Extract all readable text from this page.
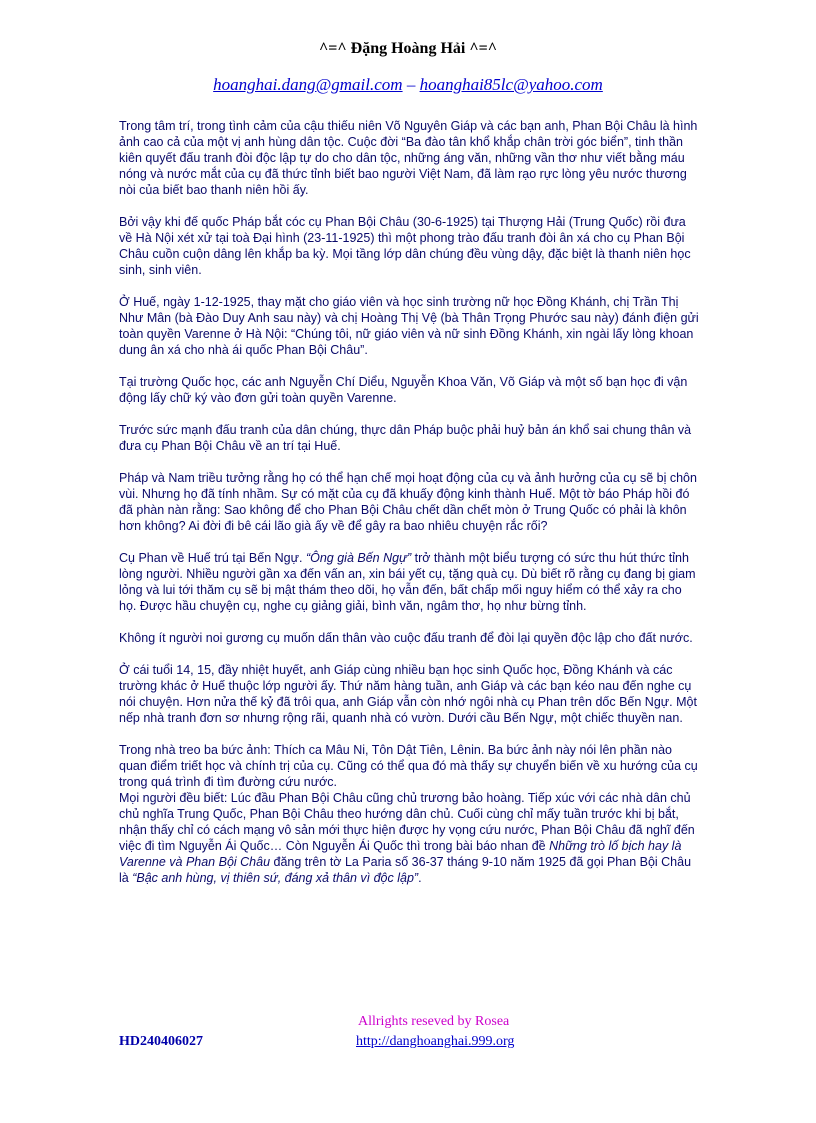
^=^ Đặng Hoàng Hải ^=^
hoanghai.dang@gmail.com – hoanghai85lc@yahoo.com

Trong tâm trí, trong tình cảm của cậu thiếu niên Võ Nguyên Giáp và các bạn anh, Phan Bội Châu là hình ảnh cao cả của một vị anh hùng dân tộc. Cuộc đời “Ba đào tân khổ khắp chân trời góc biển”, tinh thần kiên quyết đấu tranh đòi độc lập tự do cho dân tộc, những áng văn, những vần thơ như viết bằng máu nóng và nước mắt của cụ đã thức tỉnh biết bao người Việt Nam, đã làm rạo rực lòng yêu nước thương nòi của biết bao thanh niên hồi ấy.

Bởi vậy khi đế quốc Pháp bắt cóc cụ Phan Bội Châu (30-6-1925) tại Thượng Hải (Trung Quốc) rồi đưa về Hà Nội xét xử tại toà Đại hình (23-11-1925) thì một phong trào đấu tranh đòi ân xá cho cụ Phan Bội Châu cuồn cuộn dâng lên khắp ba kỳ. Mọi tầng lớp dân chúng đều vùng dậy, đặc biệt là thanh niên học sinh, sinh viên.

Ở Huế, ngày 1-12-1925, thay mặt cho giáo viên và học sinh trường nữ học Đồng Khánh, chị Trần Thị Như Mân (bà Đào Duy Anh sau này) và chị Hoàng Thị Vệ (bà Thân Trọng Phước sau này) đánh điện gửi toàn quyền Varenne ở Hà Nội: “Chúng tôi, nữ giáo viên và nữ sinh Đồng Khánh, xin ngài lấy lòng khoan dung ân xá cho nhà ái quốc Phan Bội Châu”.

Tại trường Quốc học, các anh Nguyễn Chí Diểu, Nguyễn Khoa Văn, Võ Giáp và một số bạn học đi vận động lấy chữ ký vào đơn gửi toàn quyền Varenne.

Trước sức mạnh đấu tranh của dân chúng, thực dân Pháp buộc phải huỷ bản án khổ sai chung thân và đưa cụ Phan Bội Châu về an trí tại Huế.

Pháp và Nam triều tưởng rằng họ có thể hạn chế mọi hoạt động của cụ và ảnh hưởng của cụ sẽ bị chôn vùi. Nhưng họ đã tính nhầm. Sự có mặt của cụ đã khuấy động kinh thành Huế. Một tờ báo Pháp hồi đó đã phàn nàn rằng: Sao không để cho Phan Bội Châu chết dần chết mòn ở Trung Quốc có phải là khôn hơn không? Ai đời đi bê cái lão già ấy về để gây ra bao nhiêu chuyện rắc rối?

Cụ Phan về Huế trú tại Bến Ngự. “Ông già Bến Ngự” trở thành một biểu tượng có sức thu hút thức tỉnh lòng người. Nhiều người gần xa đến vấn an, xin bái yết cụ, tặng quà cụ. Dù biết rõ rằng cụ đang bị giam lỏng và lui tới thăm cụ sẽ bị mật thám theo dõi, họ vẫn đến, bất chấp mối nguy hiểm có thể xảy ra cho họ. Được hầu chuyện cụ, nghe cụ giảng giải, bình văn, ngâm thơ, họ như bừng tỉnh.

Không ít người noi gương cụ muốn dấn thân vào cuộc đấu tranh để đòi lại quyền độc lập cho đất nước.

Ở cái tuổi 14, 15, đầy nhiệt huyết, anh Giáp cùng nhiều bạn học sinh Quốc học, Đồng Khánh và các trường khác ở Huế thuộc lớp người ấy. Thứ năm hàng tuần, anh Giáp và các bạn kéo nau đến nghe cụ nói chuyện. Hơn nửa thế kỷ đã trôi qua, anh Giáp vẫn còn nhớ ngôi nhà cụ Phan trên dốc Bến Ngự. Một nếp nhà tranh đơn sơ nhưng rộng rãi, quanh nhà có vườn. Dưới cầu Bến Ngự, một chiếc thuyền nan.

Trong nhà treo ba bức ảnh: Thích ca Mâu Ni, Tôn Dật Tiên, Lênin. Ba bức ảnh này nói lên phần nào quan điểm triết học và chính trị của cụ. Cũng có thể qua đó mà thấy sự chuyển biến về xu hướng của cụ trong quá trình đi tìm đường cứu nước.

Mọi người đều biết: Lúc đầu Phan Bội Châu cũng chủ trương bảo hoàng. Tiếp xúc với các nhà dân chủ chủ nghĩa Trung Quốc, Phan Bội Châu theo hướng dân chủ. Cuối cùng chỉ mấy tuần trước khi bị bắt, nhận thấy chỉ có cách mạng vô sản mới thực hiện được hy vọng cứu nước, Phan Bội Châu đã nghĩ đến việc đi tìm Nguyễn Ái Quốc… Còn Nguyễn Ái Quốc thì trong bài báo nhan đề Những trò lố bịch hay là Varenne và Phan Bội Châu đăng trên tờ La Paria số 36-37 tháng 9-10 năm 1925 đã gọi Phan Bội Châu là “Bậc anh hùng, vị thiên sứ, đáng xả thân vì độc lập”.

Allrights reseved by Rosea
HD240406027	http://danghoanghai.999.org
